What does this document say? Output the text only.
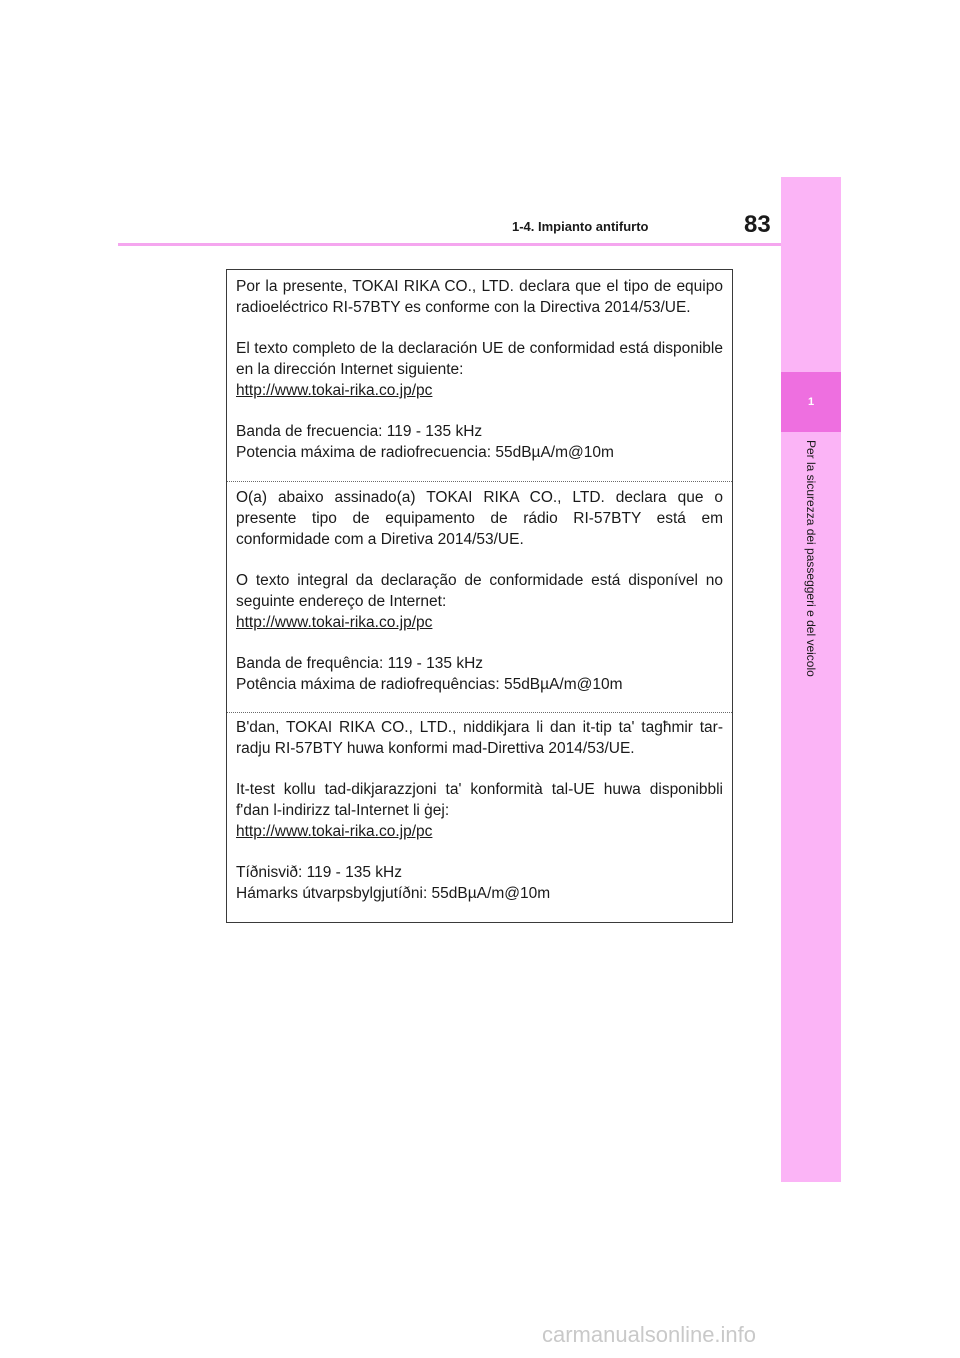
1-4. Impianto antifurto	83
1
Per la sicurezza dei passeggeri e del veicolo

Por la presente, TOKAI RIKA CO., LTD. declara que el tipo de equipo radioeléctrico RI-57BTY es conforme con la Directiva 2014/53/UE.

El texto completo de la declaración UE de conformidad está disponible en la dirección Internet siguiente:

http://www.tokai-rika.co.jp/pc

Banda de frecuencia: 119 - 135 kHz

Potencia máxima de radiofrecuencia: 55dBµA/m@10m

O(a) abaixo assinado(a) TOKAI RIKA CO., LTD. declara que o presente tipo de equipamento de rádio RI-57BTY está em conformidade com a Diretiva 2014/53/UE.

O texto integral da declaração de conformidade está disponível no seguinte endereço de Internet:

http://www.tokai-rika.co.jp/pc

Banda de frequência: 119 - 135 kHz

Potência máxima de radiofrequências: 55dBµA/m@10m

B'dan, TOKAI RIKA CO., LTD., niddikjara li dan it-tip ta' tagħmir tar-radju RI-57BTY huwa konformi mad-Direttiva 2014/53/UE.

It-test kollu tad-dikjarazzjoni ta' konformità tal-UE huwa disponibbli f'dan l-indirizz tal-Internet li ġej:

http://www.tokai-rika.co.jp/pc

Tíðnisvið: 119 - 135 kHz

Hámarks útvarpsbylgjutíðni: 55dBµA/m@10m

carmanualsonline.info
